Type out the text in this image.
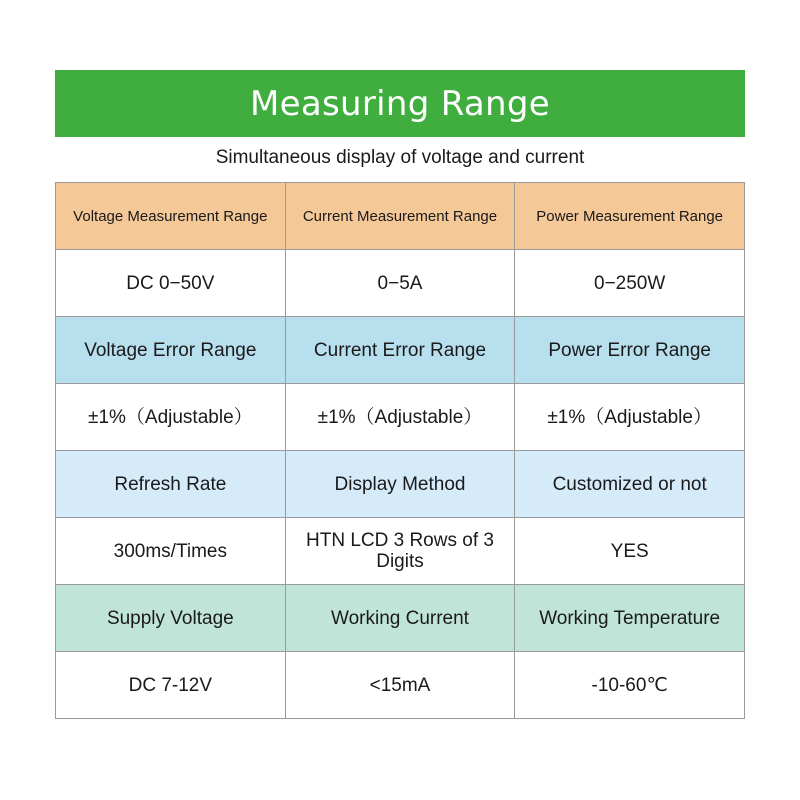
Measuring Range
Simultaneous display of voltage and current
Voltage Measurement Range	Current Measurement Range	Power Measurement Range
DC 0−50V	0−5A	0−250W
Voltage Error Range	Current Error Range	Power Error Range
±1%（Adjustable）	±1%（Adjustable）	±1%（Adjustable）
Refresh Rate	Display Method	Customized or not
300ms/Times	HTN LCD 3 Rows of 3 Digits	YES
Supply Voltage	Working Current	Working Temperature
DC 7-12V	<15mA	-10-60℃
